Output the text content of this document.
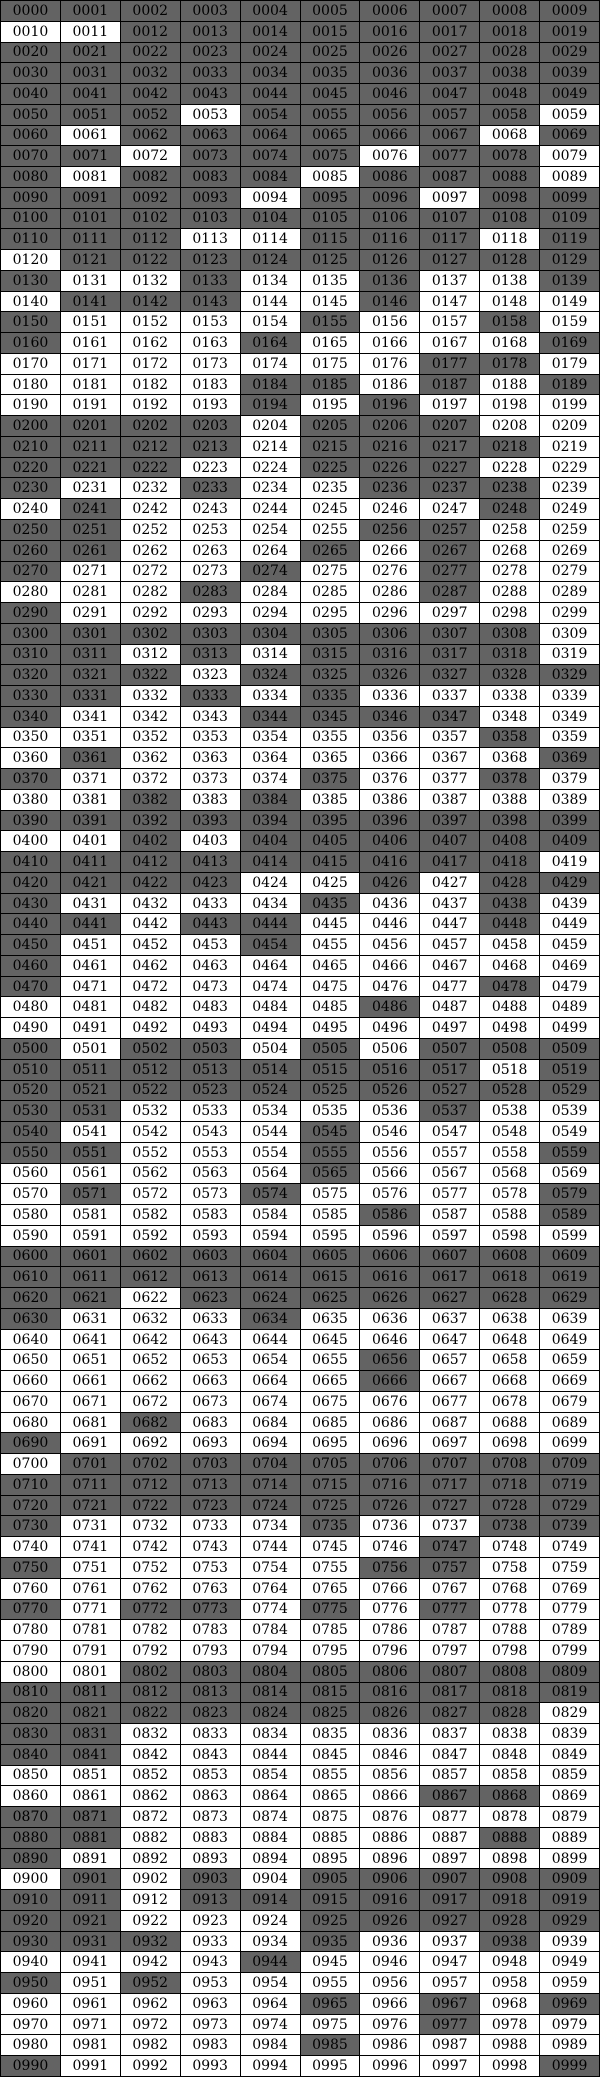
0000	0001	0002	0003	0004	0005	0006	0007	0008	0009
0010	0011	0012	0013	0014	0015	0016	0017	0018	0019
0020	0021	0022	0023	0024	0025	0026	0027	0028	0029
0030	0031	0032	0033	0034	0035	0036	0037	0038	0039
0040	0041	0042	0043	0044	0045	0046	0047	0048	0049
0050	0051	0052	0053	0054	0055	0056	0057	0058	0059
0060	0061	0062	0063	0064	0065	0066	0067	0068	0069
0070	0071	0072	0073	0074	0075	0076	0077	0078	0079
0080	0081	0082	0083	0084	0085	0086	0087	0088	0089
0090	0091	0092	0093	0094	0095	0096	0097	0098	0099
0100	0101	0102	0103	0104	0105	0106	0107	0108	0109
0110	0111	0112	0113	0114	0115	0116	0117	0118	0119
0120	0121	0122	0123	0124	0125	0126	0127	0128	0129
0130	0131	0132	0133	0134	0135	0136	0137	0138	0139
0140	0141	0142	0143	0144	0145	0146	0147	0148	0149
0150	0151	0152	0153	0154	0155	0156	0157	0158	0159
0160	0161	0162	0163	0164	0165	0166	0167	0168	0169
0170	0171	0172	0173	0174	0175	0176	0177	0178	0179
0180	0181	0182	0183	0184	0185	0186	0187	0188	0189
0190	0191	0192	0193	0194	0195	0196	0197	0198	0199
0200	0201	0202	0203	0204	0205	0206	0207	0208	0209
0210	0211	0212	0213	0214	0215	0216	0217	0218	0219
0220	0221	0222	0223	0224	0225	0226	0227	0228	0229
0230	0231	0232	0233	0234	0235	0236	0237	0238	0239
0240	0241	0242	0243	0244	0245	0246	0247	0248	0249
0250	0251	0252	0253	0254	0255	0256	0257	0258	0259
0260	0261	0262	0263	0264	0265	0266	0267	0268	0269
0270	0271	0272	0273	0274	0275	0276	0277	0278	0279
0280	0281	0282	0283	0284	0285	0286	0287	0288	0289
0290	0291	0292	0293	0294	0295	0296	0297	0298	0299
0300	0301	0302	0303	0304	0305	0306	0307	0308	0309
0310	0311	0312	0313	0314	0315	0316	0317	0318	0319
0320	0321	0322	0323	0324	0325	0326	0327	0328	0329
0330	0331	0332	0333	0334	0335	0336	0337	0338	0339
0340	0341	0342	0343	0344	0345	0346	0347	0348	0349
0350	0351	0352	0353	0354	0355	0356	0357	0358	0359
0360	0361	0362	0363	0364	0365	0366	0367	0368	0369
0370	0371	0372	0373	0374	0375	0376	0377	0378	0379
0380	0381	0382	0383	0384	0385	0386	0387	0388	0389
0390	0391	0392	0393	0394	0395	0396	0397	0398	0399
0400	0401	0402	0403	0404	0405	0406	0407	0408	0409
0410	0411	0412	0413	0414	0415	0416	0417	0418	0419
0420	0421	0422	0423	0424	0425	0426	0427	0428	0429
0430	0431	0432	0433	0434	0435	0436	0437	0438	0439
0440	0441	0442	0443	0444	0445	0446	0447	0448	0449
0450	0451	0452	0453	0454	0455	0456	0457	0458	0459
0460	0461	0462	0463	0464	0465	0466	0467	0468	0469
0470	0471	0472	0473	0474	0475	0476	0477	0478	0479
0480	0481	0482	0483	0484	0485	0486	0487	0488	0489
0490	0491	0492	0493	0494	0495	0496	0497	0498	0499
0500	0501	0502	0503	0504	0505	0506	0507	0508	0509
0510	0511	0512	0513	0514	0515	0516	0517	0518	0519
0520	0521	0522	0523	0524	0525	0526	0527	0528	0529
0530	0531	0532	0533	0534	0535	0536	0537	0538	0539
0540	0541	0542	0543	0544	0545	0546	0547	0548	0549
0550	0551	0552	0553	0554	0555	0556	0557	0558	0559
0560	0561	0562	0563	0564	0565	0566	0567	0568	0569
0570	0571	0572	0573	0574	0575	0576	0577	0578	0579
0580	0581	0582	0583	0584	0585	0586	0587	0588	0589
0590	0591	0592	0593	0594	0595	0596	0597	0598	0599
0600	0601	0602	0603	0604	0605	0606	0607	0608	0609
0610	0611	0612	0613	0614	0615	0616	0617	0618	0619
0620	0621	0622	0623	0624	0625	0626	0627	0628	0629
0630	0631	0632	0633	0634	0635	0636	0637	0638	0639
0640	0641	0642	0643	0644	0645	0646	0647	0648	0649
0650	0651	0652	0653	0654	0655	0656	0657	0658	0659
0660	0661	0662	0663	0664	0665	0666	0667	0668	0669
0670	0671	0672	0673	0674	0675	0676	0677	0678	0679
0680	0681	0682	0683	0684	0685	0686	0687	0688	0689
0690	0691	0692	0693	0694	0695	0696	0697	0698	0699
0700	0701	0702	0703	0704	0705	0706	0707	0708	0709
0710	0711	0712	0713	0714	0715	0716	0717	0718	0719
0720	0721	0722	0723	0724	0725	0726	0727	0728	0729
0730	0731	0732	0733	0734	0735	0736	0737	0738	0739
0740	0741	0742	0743	0744	0745	0746	0747	0748	0749
0750	0751	0752	0753	0754	0755	0756	0757	0758	0759
0760	0761	0762	0763	0764	0765	0766	0767	0768	0769
0770	0771	0772	0773	0774	0775	0776	0777	0778	0779
0780	0781	0782	0783	0784	0785	0786	0787	0788	0789
0790	0791	0792	0793	0794	0795	0796	0797	0798	0799
0800	0801	0802	0803	0804	0805	0806	0807	0808	0809
0810	0811	0812	0813	0814	0815	0816	0817	0818	0819
0820	0821	0822	0823	0824	0825	0826	0827	0828	0829
0830	0831	0832	0833	0834	0835	0836	0837	0838	0839
0840	0841	0842	0843	0844	0845	0846	0847	0848	0849
0850	0851	0852	0853	0854	0855	0856	0857	0858	0859
0860	0861	0862	0863	0864	0865	0866	0867	0868	0869
0870	0871	0872	0873	0874	0875	0876	0877	0878	0879
0880	0881	0882	0883	0884	0885	0886	0887	0888	0889
0890	0891	0892	0893	0894	0895	0896	0897	0898	0899
0900	0901	0902	0903	0904	0905	0906	0907	0908	0909
0910	0911	0912	0913	0914	0915	0916	0917	0918	0919
0920	0921	0922	0923	0924	0925	0926	0927	0928	0929
0930	0931	0932	0933	0934	0935	0936	0937	0938	0939
0940	0941	0942	0943	0944	0945	0946	0947	0948	0949
0950	0951	0952	0953	0954	0955	0956	0957	0958	0959
0960	0961	0962	0963	0964	0965	0966	0967	0968	0969
0970	0971	0972	0973	0974	0975	0976	0977	0978	0979
0980	0981	0982	0983	0984	0985	0986	0987	0988	0989
0990	0991	0992	0993	0994	0995	0996	0997	0998	0999
